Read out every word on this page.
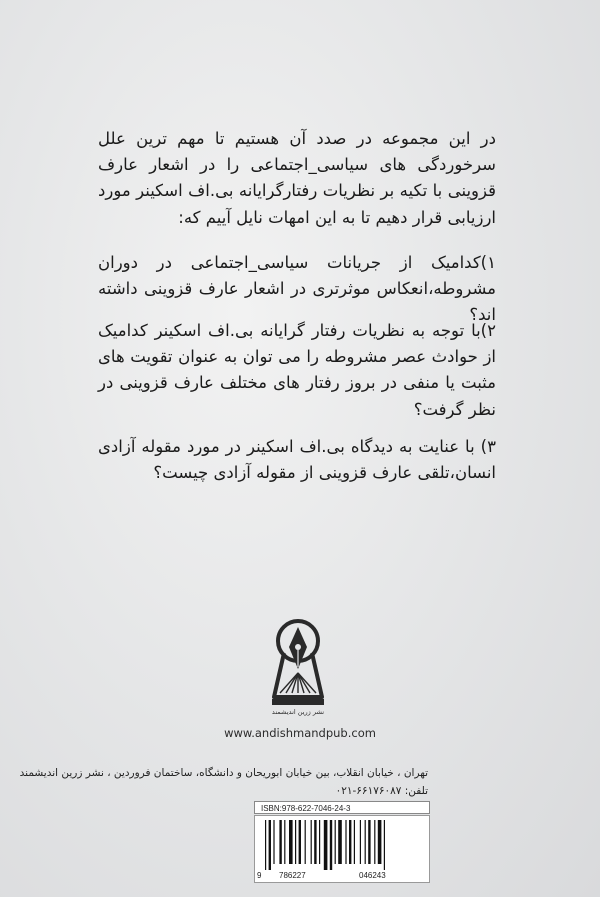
در این مجموعه در صدد آن هستیم تا مهم ترین علل سرخوردگی های سیاسی_اجتماعی را در اشعار عارف قزوینی با تکیه بر نظریات رفتارگرایانه بی.اف اسکینر مورد ارزیابی قرار دهیم تا به این امهات نایل آییم که:
۱)کدامیک از جریانات سیاسی_اجتماعی در دوران مشروطه،انعکاس موثرتری در اشعار عارف قزوینی داشته اند؟
۲)با توجه به نظریات رفتار گرایانه بی.اف اسکینر کدامیک از حوادث عصر مشروطه را می توان به عنوان تقویت های مثبت یا منفی در بروز رفتار های مختلف عارف قزوینی در نظر گرفت؟
۳) با عنایت به دیدگاه بی.اف اسکینر در مورد مقوله آزادی انسان،تلقی عارف قزوینی از مقوله آزادی چیست؟
نشر زرین اندیشمند
www.andishmandpub.com
تهران ، خیابان انقلاب، بین خیابان ابوریحان و دانشگاه، ساختمان فروردین ، نشر زرین اندیشمند
تلفن: ۶۶۱۷۶۰۸۷-۰۲۱
ISBN:978-622-7046-24-3
9 786227	046243
